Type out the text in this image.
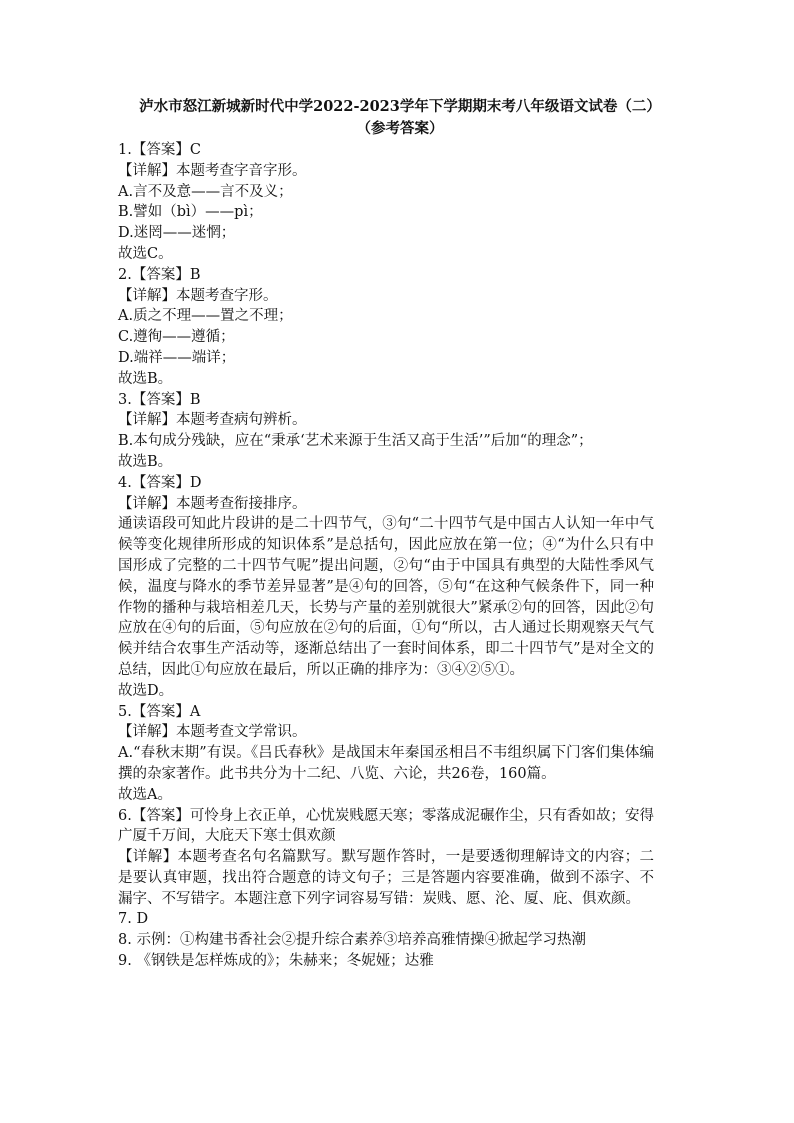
泸水市怒江新城新时代中学2022-2023学年下学期期末考八年级语文试卷（二）
（参考答案）
1.【答案】C
【详解】本题考查字音字形。
A.言不及意——言不及义；
B.譬如（bì）——pì；
D.迷罔——迷惘；
故选C。
2.【答案】B
【详解】本题考查字形。
A.质之不理——置之不理；
C.遵徇——遵循；
D.端祥——端详；
故选B。
3.【答案】B
【详解】本题考查病句辨析。
B.本句成分残缺，应在“秉承‘艺术来源于生活又高于生活’”后加“的理念”；
故选B。
4.【答案】D
【详解】本题考查衔接排序。
通读语段可知此片段讲的是二十四节气，③句“二十四节气是中国古人认知一年中气候等变化规律所形成的知识体系”是总括句，因此应放在第一位；④“为什么只有中国形成了完整的二十四节气呢”提出问题，②句“由于中国具有典型的大陆性季风气候，温度与降水的季节差异显著”是④句的回答，⑤句“在这种气候条件下，同一种作物的播种与栽培相差几天，长势与产量的差别就很大”紧承②句的回答，因此②句应放在④句的后面，⑤句应放在②句的后面，①句“所以，古人通过长期观察天气气候并结合农事生产活动等，逐渐总结出了一套时间体系，即二十四节气”是对全文的总结，因此①句应放在最后，所以正确的排序为：③④②⑤①。
故选D。
5.【答案】A
【详解】本题考查文学常识。
A.“春秋末期”有误。《吕氏春秋》是战国末年秦国丞相吕不韦组织属下门客们集体编撰的杂家著作。此书共分为十二纪、八览、六论，共26卷，160篇。
故选A。
6.【答案】可怜身上衣正单，心忧炭贱愿天寒；零落成泥碾作尘，只有香如故；安得广厦千万间，大庇天下寒士俱欢颜
【详解】本题考查名句名篇默写。默写题作答时，一是要透彻理解诗文的内容；二是要认真审题，找出符合题意的诗文句子；三是答题内容要准确，做到不添字、不漏字、不写错字。本题注意下列字词容易写错：炭贱、愿、沦、厦、庇、俱欢颜。
7. D
8. 示例：①构建书香社会②提升综合素养③培养高雅情操④掀起学习热潮
9. 《钢铁是怎样炼成的》；朱赫来；冬妮娅；达雅
